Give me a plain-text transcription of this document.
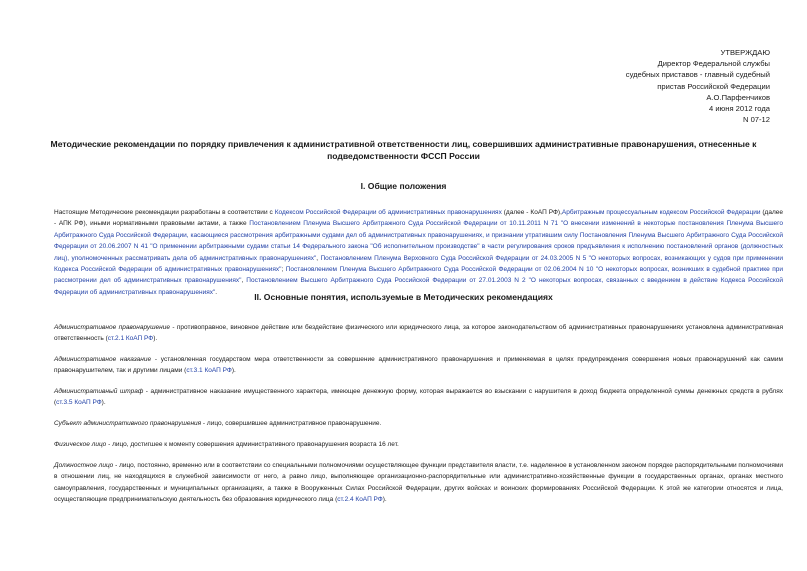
УТВЕРЖДАЮ
Директор Федеральной службы
судебных приставов - главный судебный
пристав Российской Федерации
А.О.Парфенчиков
4 июня 2012 года
N 07-12
Методические рекомендации по порядку привлечения к административной ответственности лиц, совершивших административные правонарушения, отнесенные к подведомственности ФССП России
I. Общие положения
Настоящие Методические рекомендации разработаны в соответствии с Кодексом Российской Федерации об административных правонарушениях (далее - КоАП РФ),Арбитражным процессуальным кодексом Российской Федерации (далее - АПК РФ), иными нормативными правовыми актами, а также Постановлением Пленума Высшего Арбитражного Суда Российской Федерации от 10.11.2011 N 71 "О внесении изменений в некоторые постановления Пленума Высшего Арбитражного Суда Российской Федерации, касающиеся рассмотрения арбитражными судами дел об административных правонарушениях, и признании утратившим силу Постановления Пленума Высшего Арбитражного Суда Российской Федерации от 20.06.2007 N 41 "О применении арбитражными судами статьи 14 Федерального закона "Об исполнительном производстве" в части регулирования сроков предъявления к исполнению постановлений органов (должностных лиц), уполномоченных рассматривать дела об административных правонарушениях", Постановлением Пленума Верховного Суда Российской Федерации от 24.03.2005 N 5 "О некоторых вопросах, возникающих у судов при применении Кодекса Российской Федерации об административных правонарушениях"; Постановлением Пленума Высшего Арбитражного Суда Российской Федерации от 02.06.2004 N 10 "О некоторых вопросах, возникших в судебной практике при рассмотрении дел об административных правонарушениях", Постановлением Высшего Арбитражного Суда Российской Федерации от 27.01.2003 N 2 "О некоторых вопросах, связанных с введением в действие Кодекса Российской Федерации об административных правонарушениях".	II. Основные понятия, используемые в Методических рекомендациях
Административное правонарушение - противоправное, виновное действие или бездействие физического или юридического лица, за которое законодательством об административных правонарушениях установлена административная ответственность (ст.2.1 КоАП РФ).
Административное наказание - установленная государством мера ответственности за совершение административного правонарушения и применяемая в целях предупреждения совершения новых правонарушений как самим правонарушителем, так и другими лицами (ст.3.1 КоАП РФ).
Административный штраф - административное наказание имущественного характера, имеющее денежную форму, которая выражается во взыскании с нарушителя в доход бюджета определенной суммы денежных средств в рублях (ст.3.5 КоАП РФ).
Субъект административного правонарушения - лицо, совершившее административное правонарушение.
Физическое лицо - лицо, достигшее к моменту совершения административного правонарушения возраста 16 лет.
Должностное лицо - лицо, постоянно, временно или в соответствии со специальными полномочиями осуществляющее функции представителя власти, т.е. наделенное в установленном законом порядке распорядительными полномочиями в отношении лиц, не находящихся в служебной зависимости от него, а равно лицо, выполняющее организационно-распорядительные или административно-хозяйственные функции в государственных органах, органах местного самоуправления, государственных и муниципальных организациях, а также в Вооруженных Силах Российской Федерации, других войсках и воинских формированиях Российской Федерации. К этой же категории относятся и лица, осуществляющие предпринимательскую деятельность без образования юридического лица (ст.2.4 КоАП РФ).
